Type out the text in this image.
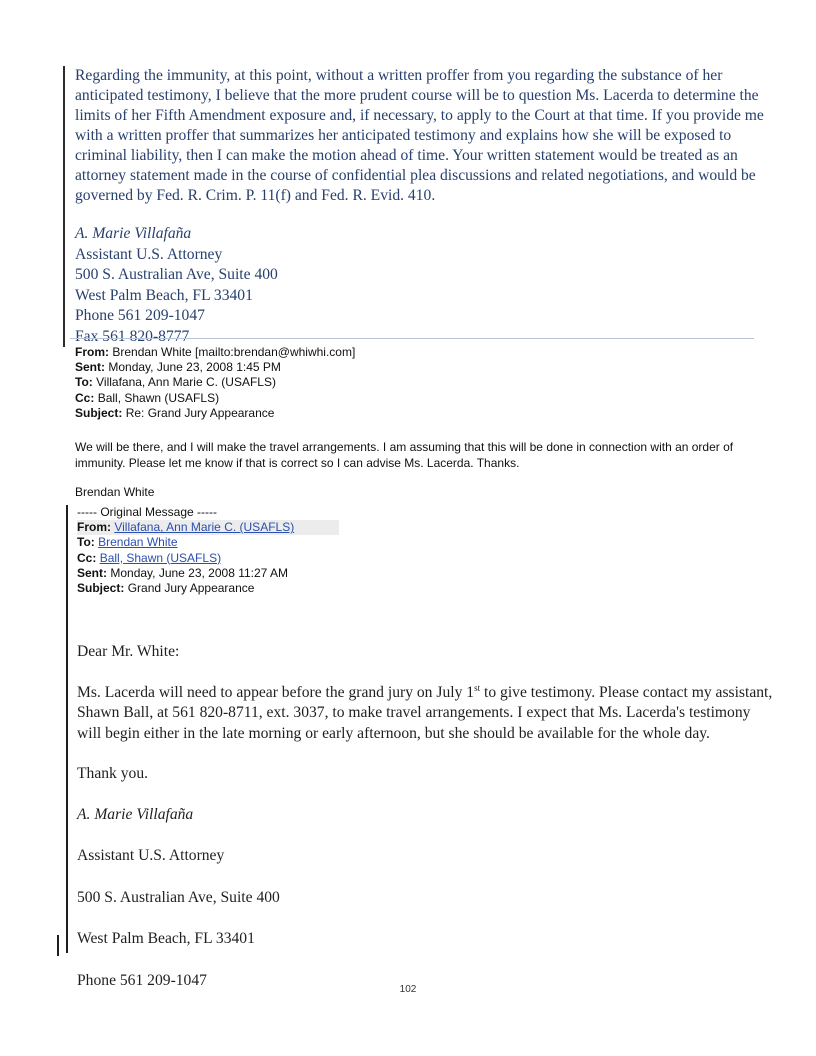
Regarding the immunity, at this point, without a written proffer from you regarding the substance of her anticipated testimony, I believe that the more prudent course will be to question Ms. Lacerda to determine the limits of her Fifth Amendment exposure and, if necessary, to apply to the Court at that time. If you provide me with a written proffer that summarizes her anticipated testimony and explains how she will be exposed to criminal liability, then I can make the motion ahead of time. Your written statement would be treated as an attorney statement made in the course of confidential plea discussions and related negotiations, and would be governed by Fed. R. Crim. P. 11(f) and Fed. R. Evid. 410.

A. Marie Villafaña
Assistant U.S. Attorney
500 S. Australian Ave, Suite 400
West Palm Beach, FL 33401
Phone 561 209-1047
Fax 561 820-8777
From: Brendan White [mailto:brendan@whiwhi.com]
Sent: Monday, June 23, 2008 1:45 PM
To: Villafana, Ann Marie C. (USAFLS)
Cc: Ball, Shawn (USAFLS)
Subject: Re: Grand Jury Appearance

We will be there, and I will make the travel arrangements. I am assuming that this will be done in connection with an order of immunity. Please let me know if that is correct so I can advise Ms. Lacerda. Thanks.

Brendan White

----- Original Message -----
From: Villafana, Ann Marie C. (USAFLS)
To: Brendan White
Cc: Ball, Shawn (USAFLS)
Sent: Monday, June 23, 2008 11:27 AM
Subject: Grand Jury Appearance

Dear Mr. White:

Ms. Lacerda will need to appear before the grand jury on July 1st to give testimony. Please contact my assistant, Shawn Ball, at 561 820-8711, ext. 3037, to make travel arrangements. I expect that Ms. Lacerda's testimony will begin either in the late morning or early afternoon, but she should be available for the whole day.

Thank you.

A. Marie Villafaña

Assistant U.S. Attorney

500 S. Australian Ave, Suite 400

West Palm Beach, FL 33401

Phone 561 209-1047

102
